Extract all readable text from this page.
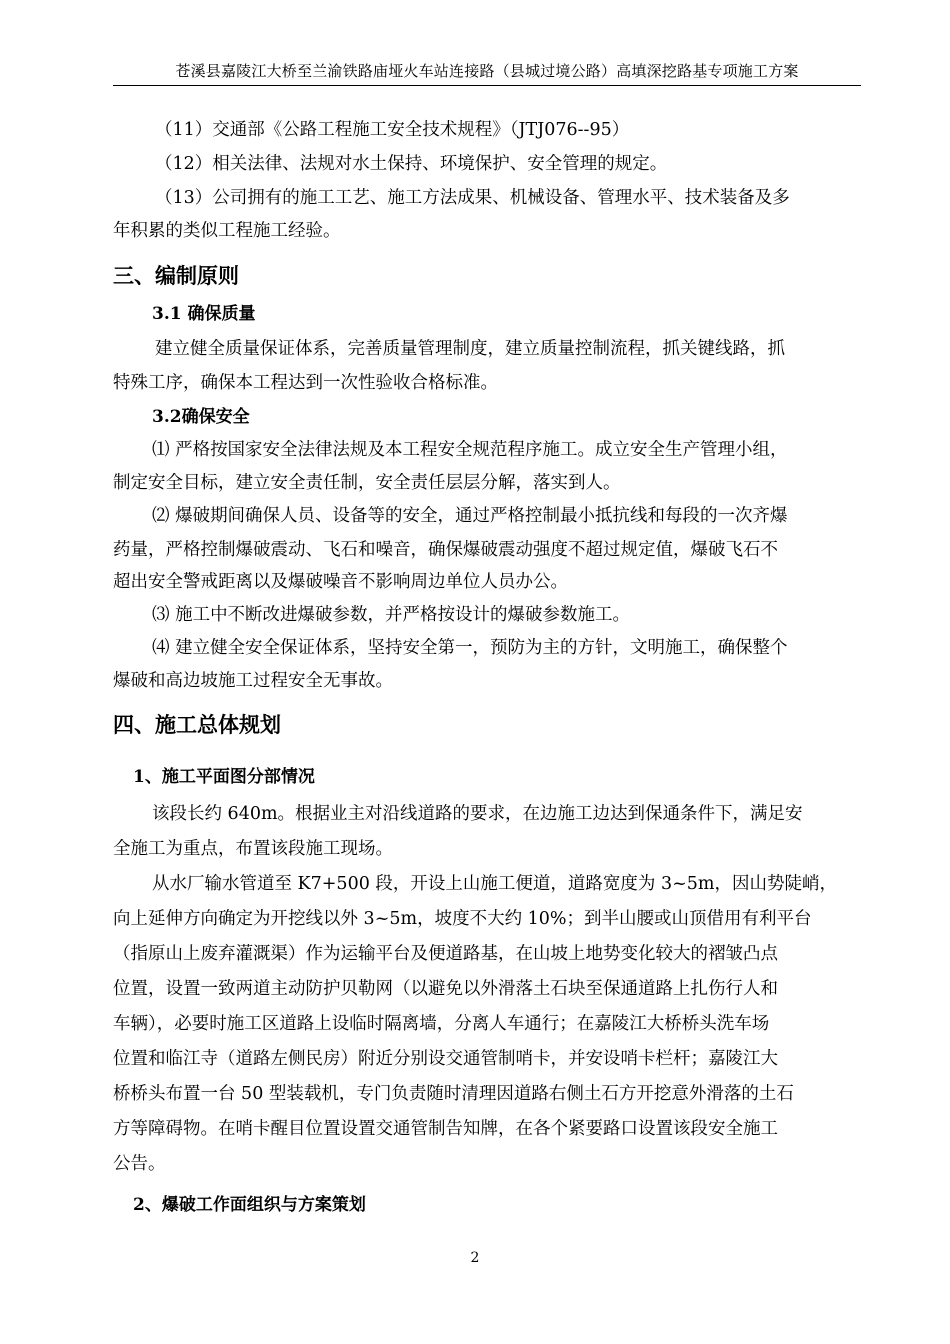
苍溪县嘉陵江大桥至兰渝铁路庙垭火车站连接路（县城过境公路）高填深挖路基专项施工方案
（11）交通部《公路工程施工安全技术规程》（JTJ076--95）
（12）相关法律、法规对水土保持、环境保护、安全管理的规定。
（13）公司拥有的施工工艺、施工方法成果、机械设备、管理水平、技术装备及多
年积累的类似工程施工经验。
三、编制原则
3.1 确保质量
建立健全质量保证体系，完善质量管理制度，建立质量控制流程，抓关键线路，抓
特殊工序，确保本工程达到一次性验收合格标准。
3.2确保安全
⑴ 严格按国家安全法律法规及本工程安全规范程序施工。成立安全生产管理小组，
制定安全目标，建立安全责任制，安全责任层层分解，落实到人。
⑵ 爆破期间确保人员、设备等的安全，通过严格控制最小抵抗线和每段的一次齐爆
药量，严格控制爆破震动、飞石和噪音，确保爆破震动强度不超过规定值，爆破飞石不
超出安全警戒距离以及爆破噪音不影响周边单位人员办公。
⑶ 施工中不断改进爆破参数，并严格按设计的爆破参数施工。
⑷ 建立健全安全保证体系，坚持安全第一，预防为主的方针，文明施工，确保整个
爆破和高边坡施工过程安全无事故。
四、施工总体规划
1、施工平面图分部情况
该段长约 640m。根据业主对沿线道路的要求，在边施工边达到保通条件下，满足安
全施工为重点，布置该段施工现场。
从水厂输水管道至 K7+500 段，开设上山施工便道，道路宽度为 3~5m，因山势陡峭，
向上延伸方向确定为开挖线以外 3~5m，坡度不大约 10%；到半山腰或山顶借用有利平台
（指原山上废弃灌溉渠）作为运输平台及便道路基，在山坡上地势变化较大的褶皱凸点
位置，设置一致两道主动防护贝勒网（以避免以外滑落土石块至保通道路上扎伤行人和
车辆），必要时施工区道路上设临时隔离墙，分离人车通行；在嘉陵江大桥桥头洗车场
位置和临江寺（道路左侧民房）附近分别设交通管制哨卡，并安设哨卡栏杆；嘉陵江大
桥桥头布置一台 50 型装载机，专门负责随时清理因道路右侧土石方开挖意外滑落的土石
方等障碍物。在哨卡醒目位置设置交通管制告知牌，在各个紧要路口设置该段安全施工
公告。
2、爆破工作面组织与方案策划
2
